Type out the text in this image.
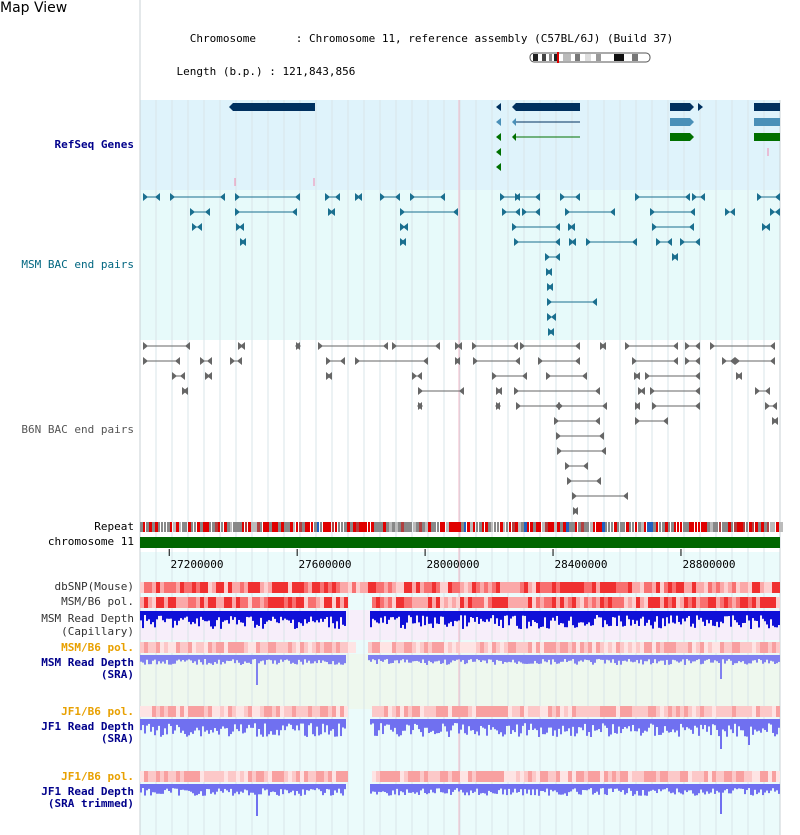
Map View

Chromosome      : Chromosome 11, reference assembly (C57BL/6J) (Build 37)

Length (b.p.) : 121,843,856

27200000	27600000	28000000	28400000	28800000
RefSeq Genes
MSM BAC end pairs
B6N BAC end pairs
Repeat
chromosome 11
dbSNP(Mouse)
MSM/B6 pol.
MSM Read Depth
(Capillary)
MSM/B6 pol.
MSM Read Depth
(SRA)
JF1/B6 pol.
JF1 Read Depth
(SRA)
JF1/B6 pol.
JF1 Read Depth
(SRA trimmed)
